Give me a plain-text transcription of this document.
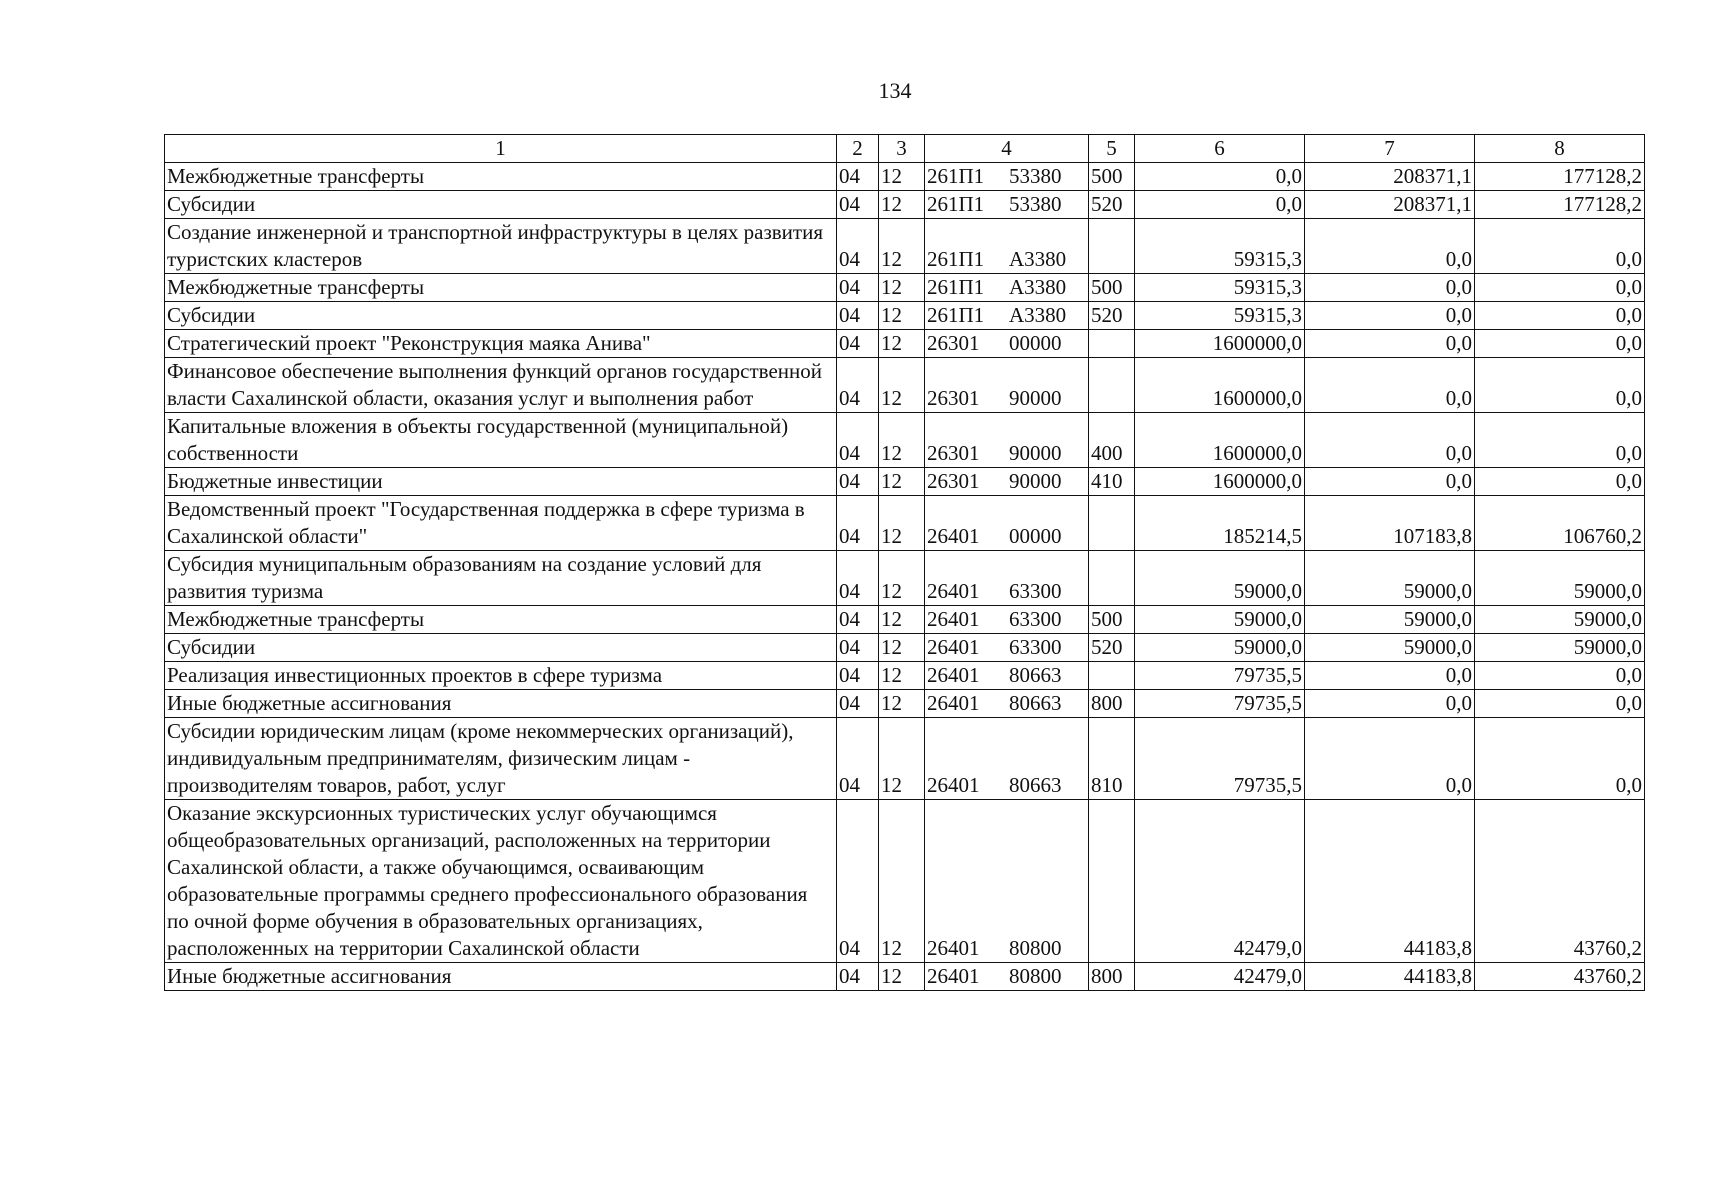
134
1	2	3	4	5	6	7	8
Межбюджетные трансферты	04	12	261П1 53380	500	0,0	208371,1	177128,2
Субсидии	04	12	261П1 53380	520	0,0	208371,1	177128,2
Создание инженерной и транспортной инфраструктуры в целях развития туристских кластеров	04	12	261П1 А3380		59315,3	0,0	0,0
Межбюджетные трансферты	04	12	261П1 А3380	500	59315,3	0,0	0,0
Субсидии	04	12	261П1 А3380	520	59315,3	0,0	0,0
Стратегический проект "Реконструкция маяка Анива"	04	12	26301 00000		1600000,0	0,0	0,0
Финансовое обеспечение выполнения функций органов государственной власти Сахалинской области, оказания услуг и выполнения работ	04	12	26301 90000		1600000,0	0,0	0,0
Капитальные вложения в объекты государственной (муниципальной) собственности	04	12	26301 90000	400	1600000,0	0,0	0,0
Бюджетные инвестиции	04	12	26301 90000	410	1600000,0	0,0	0,0
Ведомственный проект "Государственная поддержка в сфере туризма в Сахалинской области"	04	12	26401 00000		185214,5	107183,8	106760,2
Субсидия муниципальным образованиям на создание условий для развития туризма	04	12	26401 63300		59000,0	59000,0	59000,0
Межбюджетные трансферты	04	12	26401 63300	500	59000,0	59000,0	59000,0
Субсидии	04	12	26401 63300	520	59000,0	59000,0	59000,0
Реализация инвестиционных проектов в сфере туризма	04	12	26401 80663		79735,5	0,0	0,0
Иные бюджетные ассигнования	04	12	26401 80663	800	79735,5	0,0	0,0
Субсидии юридическим лицам (кроме некоммерческих организаций), индивидуальным предпринимателям, физическим лицам - производителям товаров, работ, услуг	04	12	26401 80663	810	79735,5	0,0	0,0
Оказание экскурсионных туристических услуг обучающимся общеобразовательных организаций, расположенных на территории Сахалинской области, а также обучающимся, осваивающим образовательные программы среднего профессионального образования по очной форме обучения в образовательных организациях, расположенных на территории Сахалинской области	04	12	26401 80800		42479,0	44183,8	43760,2
Иные бюджетные ассигнования	04	12	26401 80800	800	42479,0	44183,8	43760,2
